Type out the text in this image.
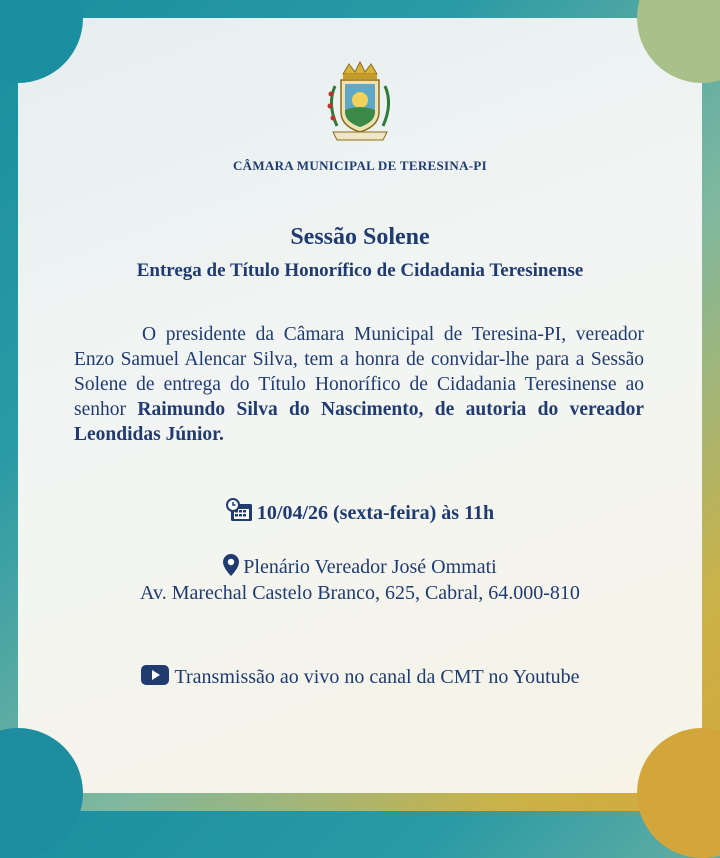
CÂMARA MUNICIPAL DE TERESINA-PI
Sessão Solene
Entrega de Título Honorífico de Cidadania Teresinense
O presidente da Câmara Municipal de Teresina-PI, vereador Enzo Samuel Alencar Silva, tem a honra de convidar-lhe para a Sessão Solene de entrega do Título Honorífico de Cidadania Teresinense ao senhor Raimundo Silva do Nascimento, de autoria do vereador Leondidas Júnior.
10/04/26 (sexta-feira) às 11h
Plenário Vereador José Ommati
Av. Marechal Castelo Branco, 625, Cabral, 64.000-810
Transmissão ao vivo no canal da CMT no Youtube
